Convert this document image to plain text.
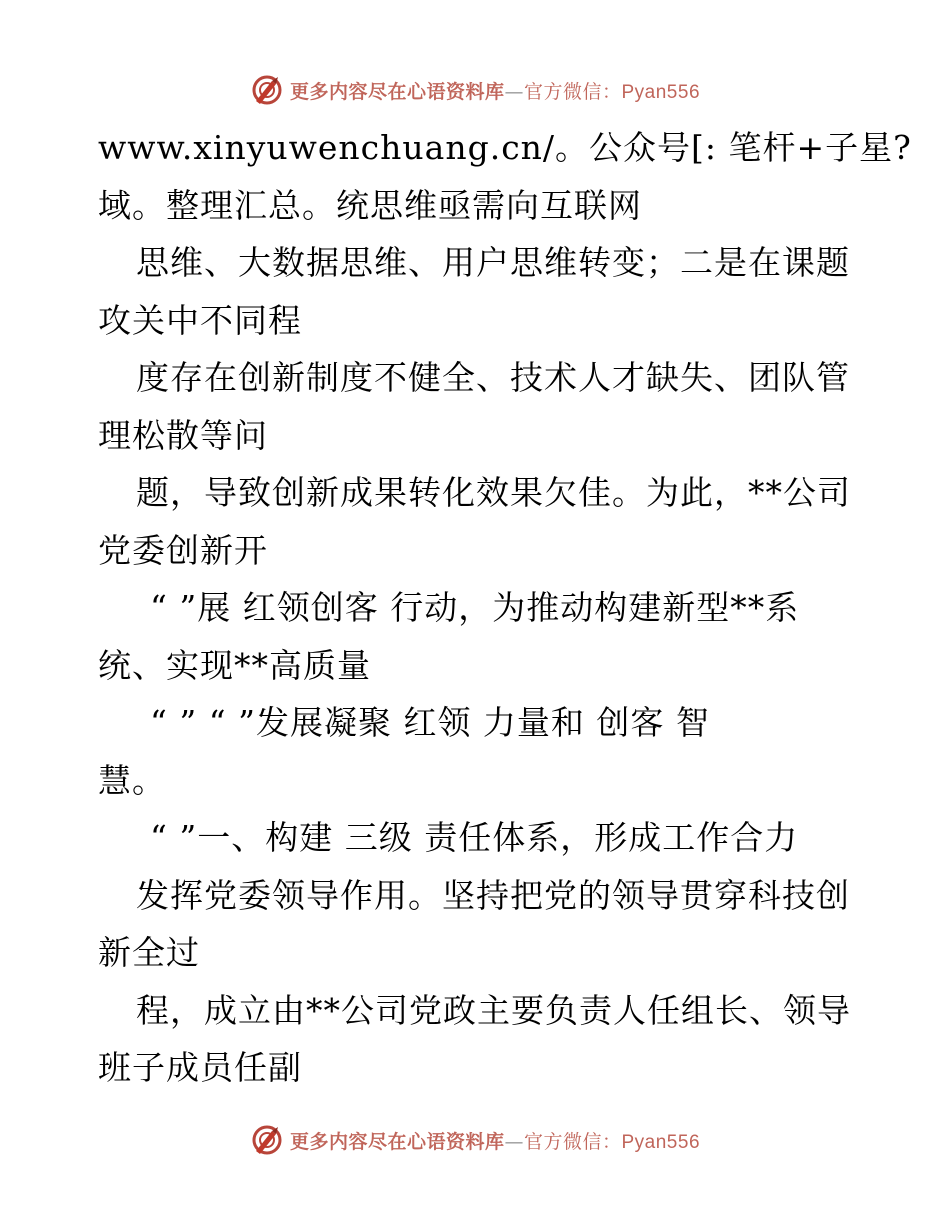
更多内容尽在心语资料库—官方微信：Pyan556
www.xinyuwenchuang.cn/。公众号[: 笔杆+子星?
域。整理汇总。统思维亟需向互联网
思维、大数据思维、用户思维转变；二是在课题
攻关中不同程
度存在创新制度不健全、技术人才缺失、团队管
理松散等问
题，导致创新成果转化效果欠佳。为此，**公司
党委创新开
“ ”展 红领创客 行动，为推动构建新型**系
统、实现**高质量
“ ” “ ”发展凝聚 红领 力量和 创客 智
慧。
“ ”一、构建 三级 责任体系，形成工作合力
发挥党委领导作用。坚持把党的领导贯穿科技创
新全过
程，成立由**公司党政主要负责人任组长、领导
班子成员任副
更多内容尽在心语资料库—官方微信：Pyan556
